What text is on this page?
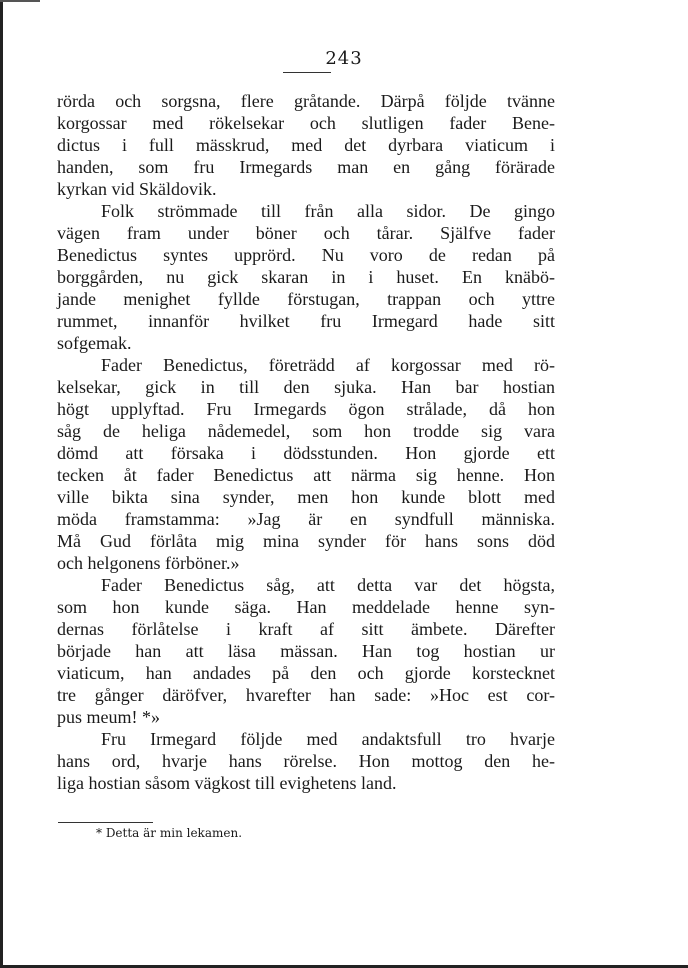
243
rörda och sorgsna, flere gråtande. Därpå följde tvänne
korgossar med rökelsekar och slutligen fader Bene-
dictus i full mässkrud, med det dyrbara viaticum i
handen, som fru Irmegards man en gång förärade
kyrkan vid Skäldovik.
Folk strömmade till från alla sidor. De gingo
vägen fram under böner och tårar. Själfve fader
Benedictus syntes upprörd. Nu voro de redan på
borggården, nu gick skaran in i huset. En knäbö-
jande menighet fyllde förstugan, trappan och yttre
rummet, innanför hvilket fru Irmegard hade sitt
sofgemak.
Fader Benedictus, företrädd af korgossar med rö-
kelsekar, gick in till den sjuka. Han bar hostian
högt upplyftad. Fru Irmegards ögon strålade, då hon
såg de heliga nådemedel, som hon trodde sig vara
dömd att försaka i dödsstunden. Hon gjorde ett
tecken åt fader Benedictus att närma sig henne. Hon
ville bikta sina synder, men hon kunde blott med
möda framstamma: »Jag är en syndfull människa.
Må Gud förlåta mig mina synder för hans sons död
och helgonens förböner.»
Fader Benedictus såg, att detta var det högsta,
som hon kunde säga. Han meddelade henne syn-
dernas förlåtelse i kraft af sitt ämbete. Därefter
började han att läsa mässan. Han tog hostian ur
viaticum, han andades på den och gjorde korstecknet
tre gånger däröfver, hvarefter han sade: »Hoc est cor-
pus meum! *»
Fru Irmegard följde med andaktsfull tro hvarje
hans ord, hvarje hans rörelse. Hon mottog den he-
liga hostian såsom vägkost till evighetens land.
* Detta är min lekamen.
